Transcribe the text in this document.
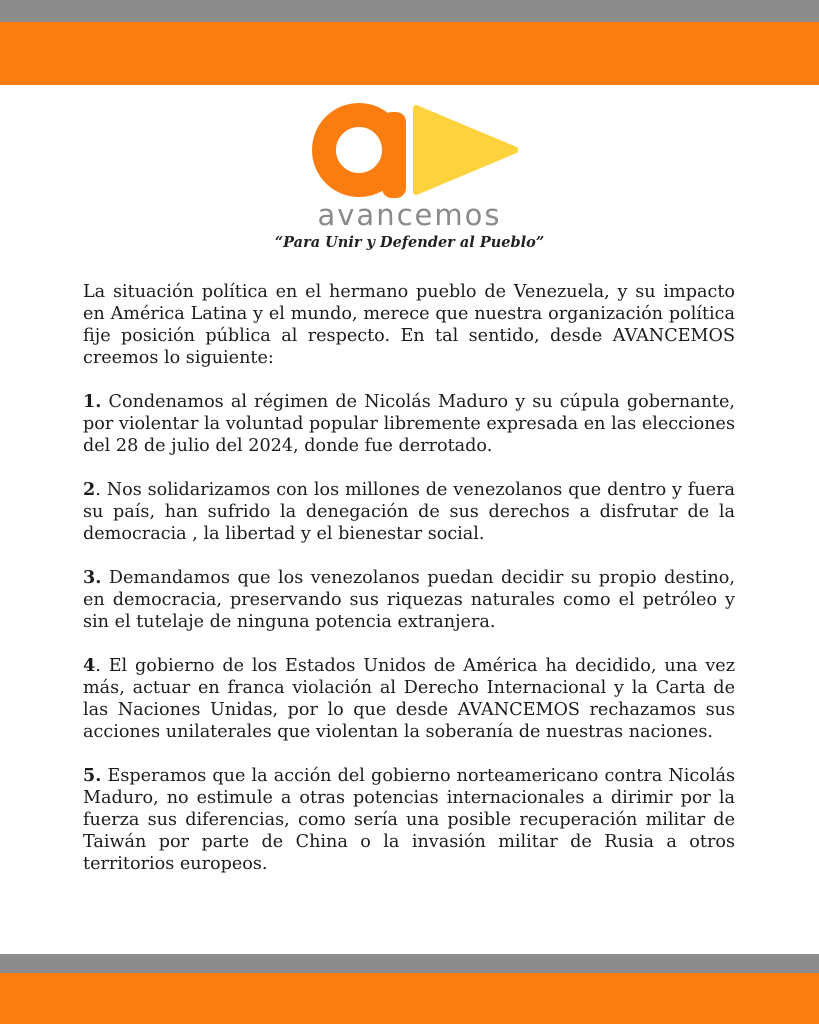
avancemos
“Para Unir y Defender al Pueblo”

La situación política en el hermano pueblo de Venezuela, y su impacto en América Latina y el mundo, merece que nuestra organización política fije posición pública al respecto. En tal sentido, desde AVANCEMOS creemos lo siguiente:

1. Condenamos al régimen de Nicolás Maduro y su cúpula gobernante, por violentar la voluntad popular libremente expresada en las elecciones del 28 de julio del 2024, donde fue derrotado.

2. Nos solidarizamos con los millones de venezolanos que dentro y fuera su país, han sufrido la denegación de sus derechos a disfrutar de la democracia , la libertad y el bienestar social.

3. Demandamos que los venezolanos puedan decidir su propio destino, en democracia, preservando sus riquezas naturales como el petróleo y sin el tutelaje de ninguna potencia extranjera.

4. El gobierno de los Estados Unidos de América ha decidido, una vez más, actuar en franca violación al Derecho Internacional y la Carta de las Naciones Unidas, por lo que desde AVANCEMOS rechazamos sus acciones unilaterales que violentan la soberanía de nuestras naciones.

5. Esperamos que la acción del gobierno norteamericano contra Nicolás Maduro, no estimule a otras potencias internacionales a dirimir por la fuerza sus diferencias, como sería una posible recuperación militar de Taiwán por parte de China o la invasión militar de Rusia a otros territorios europeos.
